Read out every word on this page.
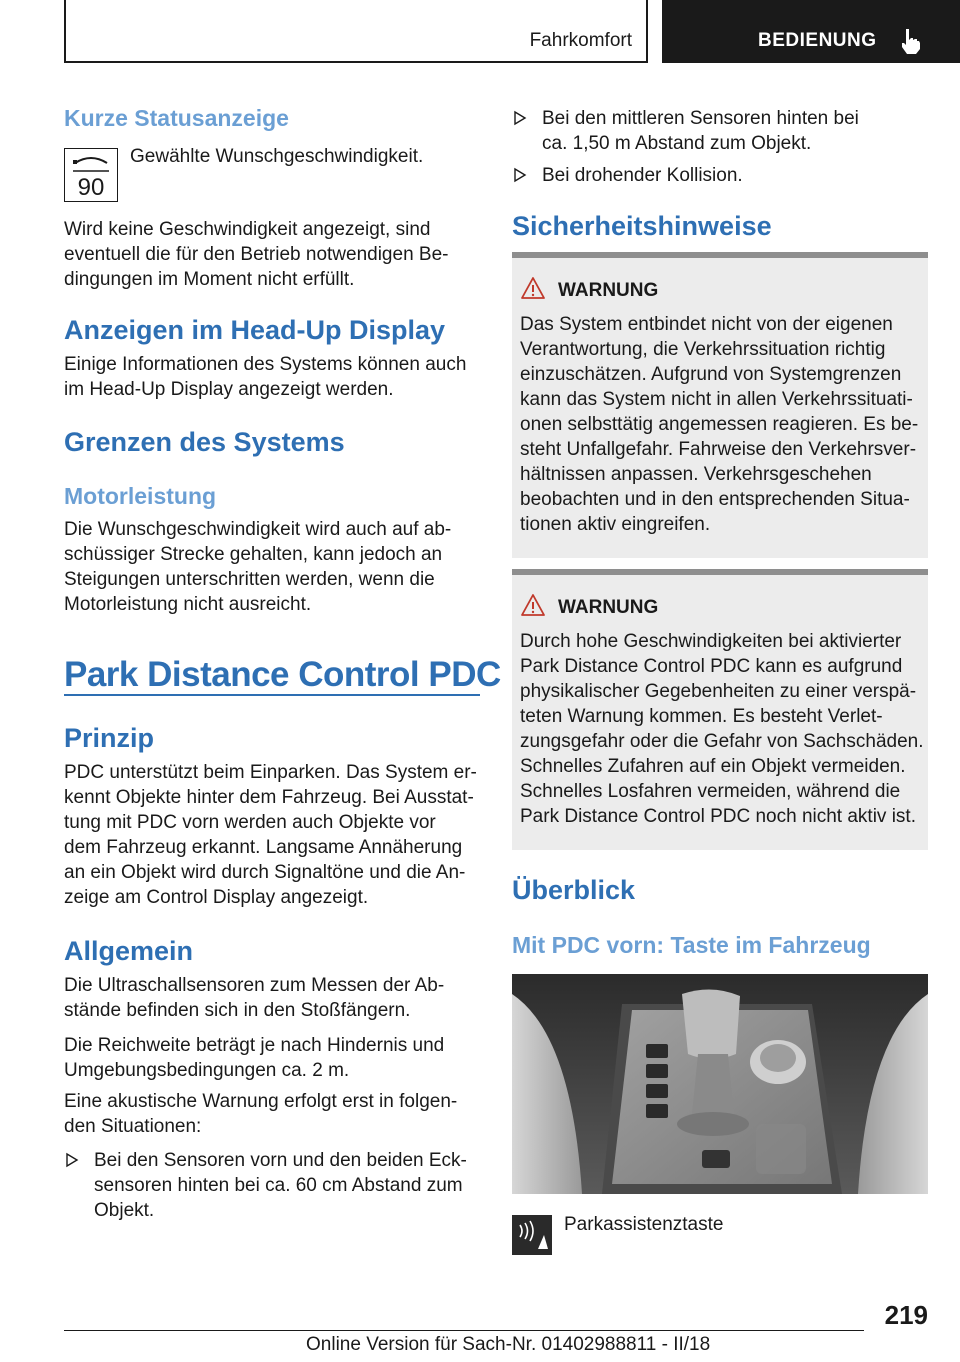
Fahrkomfort	BEDIENUNG
Kurze Statusanzeige
90

Gewählte Wunschgeschwindigkeit.

Wird keine Geschwindigkeit angezeigt, sind

eventuell die für den Betrieb notwendigen Be-

dingungen im Moment nicht erfüllt.

Anzeigen im Head-Up Display

Einige Informationen des Systems können auch

im Head-Up Display angezeigt werden.

Grenzen des Systems
Motorleistung

Die Wunschgeschwindigkeit wird auch auf ab-

schüssiger Strecke gehalten, kann jedoch an

Steigungen unterschritten werden, wenn die

Motorleistung nicht ausreicht.

Park Distance Control PDC
Prinzip

PDC unterstützt beim Einparken. Das System er-

kennt Objekte hinter dem Fahrzeug. Bei Ausstat-

tung mit PDC vorn werden auch Objekte vor

dem Fahrzeug erkannt. Langsame Annäherung

an ein Objekt wird durch Signaltöne und die An-

zeige am Control Display angezeigt.

Allgemein

Die Ultraschallsensoren zum Messen der Ab-

stände befinden sich in den Stoßfängern.

Die Reichweite beträgt je nach Hindernis und

Umgebungsbedingungen ca. 2 m.

Eine akustische Warnung erfolgt erst in folgen-

den Situationen:

Bei den Sensoren vorn und den beiden Eck-

sensoren hinten bei ca. 60 cm Abstand zum

Objekt.

Bei den mittleren Sensoren hinten bei

ca. 1,50 m Abstand zum Objekt.

Bei drohender Kollision.

Sicherheitshinweise
WARNUNG

Das System entbindet nicht von der eigenen

Verantwortung, die Verkehrssituation richtig

einzuschätzen. Aufgrund von Systemgrenzen

kann das System nicht in allen Verkehrssituati-

onen selbsttätig angemessen reagieren. Es be-

steht Unfallgefahr. Fahrweise den Verkehrsver-

hältnissen anpassen. Verkehrsgeschehen

beobachten und in den entsprechenden Situa-

tionen aktiv eingreifen.

WARNUNG

Durch hohe Geschwindigkeiten bei aktivierter

Park Distance Control PDC kann es aufgrund

physikalischer Gegebenheiten zu einer verspä-

teten Warnung kommen. Es besteht Verlet-

zungsgefahr oder die Gefahr von Sachschäden.

Schnelles Zufahren auf ein Objekt vermeiden.

Schnelles Losfahren vermeiden, während die

Park Distance Control PDC noch nicht aktiv ist.

Überblick
Mit PDC vorn: Taste im Fahrzeug

Parkassistenztaste

219
Online Version für Sach-Nr. 01402988811 - II/18
